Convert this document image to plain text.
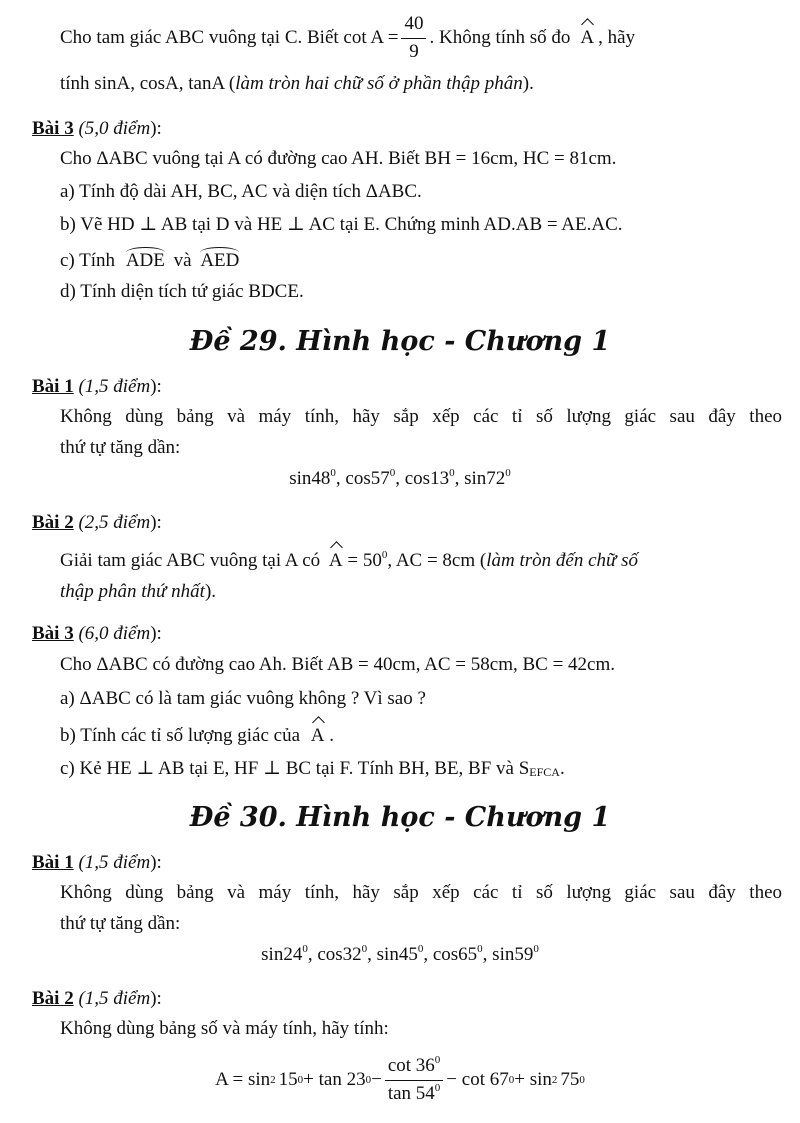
Cho tam giác ABC vuông tại C. Biết $\cot A = \frac{40}{9}$ . Không tính số đo A , hãy
tính sinA, cosA, tanA (làm tròn hai chữ số ở phần thập phân).
Bài 3 (5,0 điểm):
Cho ΔABC vuông tại A có đường cao AH. Biết BH = 16cm, HC = 81cm.
a) Tính độ dài AH, BC, AC và diện tích ΔABC.
b) Vẽ HD ⊥ AB tại D và HE ⊥ AC tại E. Chứng minh AD.AB = AE.AC.
c) Tính ADE và AED
d) Tính diện tích tứ giác BDCE.
Đề 29. Hình học - Chương 1
Bài 1 (1,5 điểm):
Không dùng bảng và máy tính, hãy sắp xếp các tỉ số lượng giác sau đây theo
thứ tự tăng dần:
$\sin 48^0$, $\cos 57^0$, $\cos 13^0$, $\sin 72^0$
Bài 2 (2,5 điểm):
Giải tam giác ABC vuông tại A có $A = 50^0$, AC = 8cm (làm tròn đến chữ số
thập phân thứ nhất).
Bài 3 (6,0 điểm):
Cho ΔABC có đường cao Ah. Biết AB = 40cm, AC = 58cm, BC = 42cm.
a) ΔABC có là tam giác vuông không ? Vì sao ?
b) Tính các tỉ số lượng giác của A .
c) Kẻ HE ⊥ AB tại E, HF ⊥ BC tại F. Tính BH, BE, BF và $S_{EFCA}$.
Đề 30. Hình học - Chương 1
Bài 1 (1,5 điểm):
Không dùng bảng và máy tính, hãy sắp xếp các tỉ số lượng giác sau đây theo
thứ tự tăng dần:
$\sin 24^0$, $\cos 32^0$, $\sin 45^0$, $\cos 65^0$, $\sin 59^0$
Bài 2 (1,5 điểm):
Không dùng bảng số và máy tính, hãy tính:
A = sin 2 15 0 + tan 23 $0 - \frac{\cot 36^0}{\tan 54^0} - \cot 67$ 0 + sin 2 75 0
